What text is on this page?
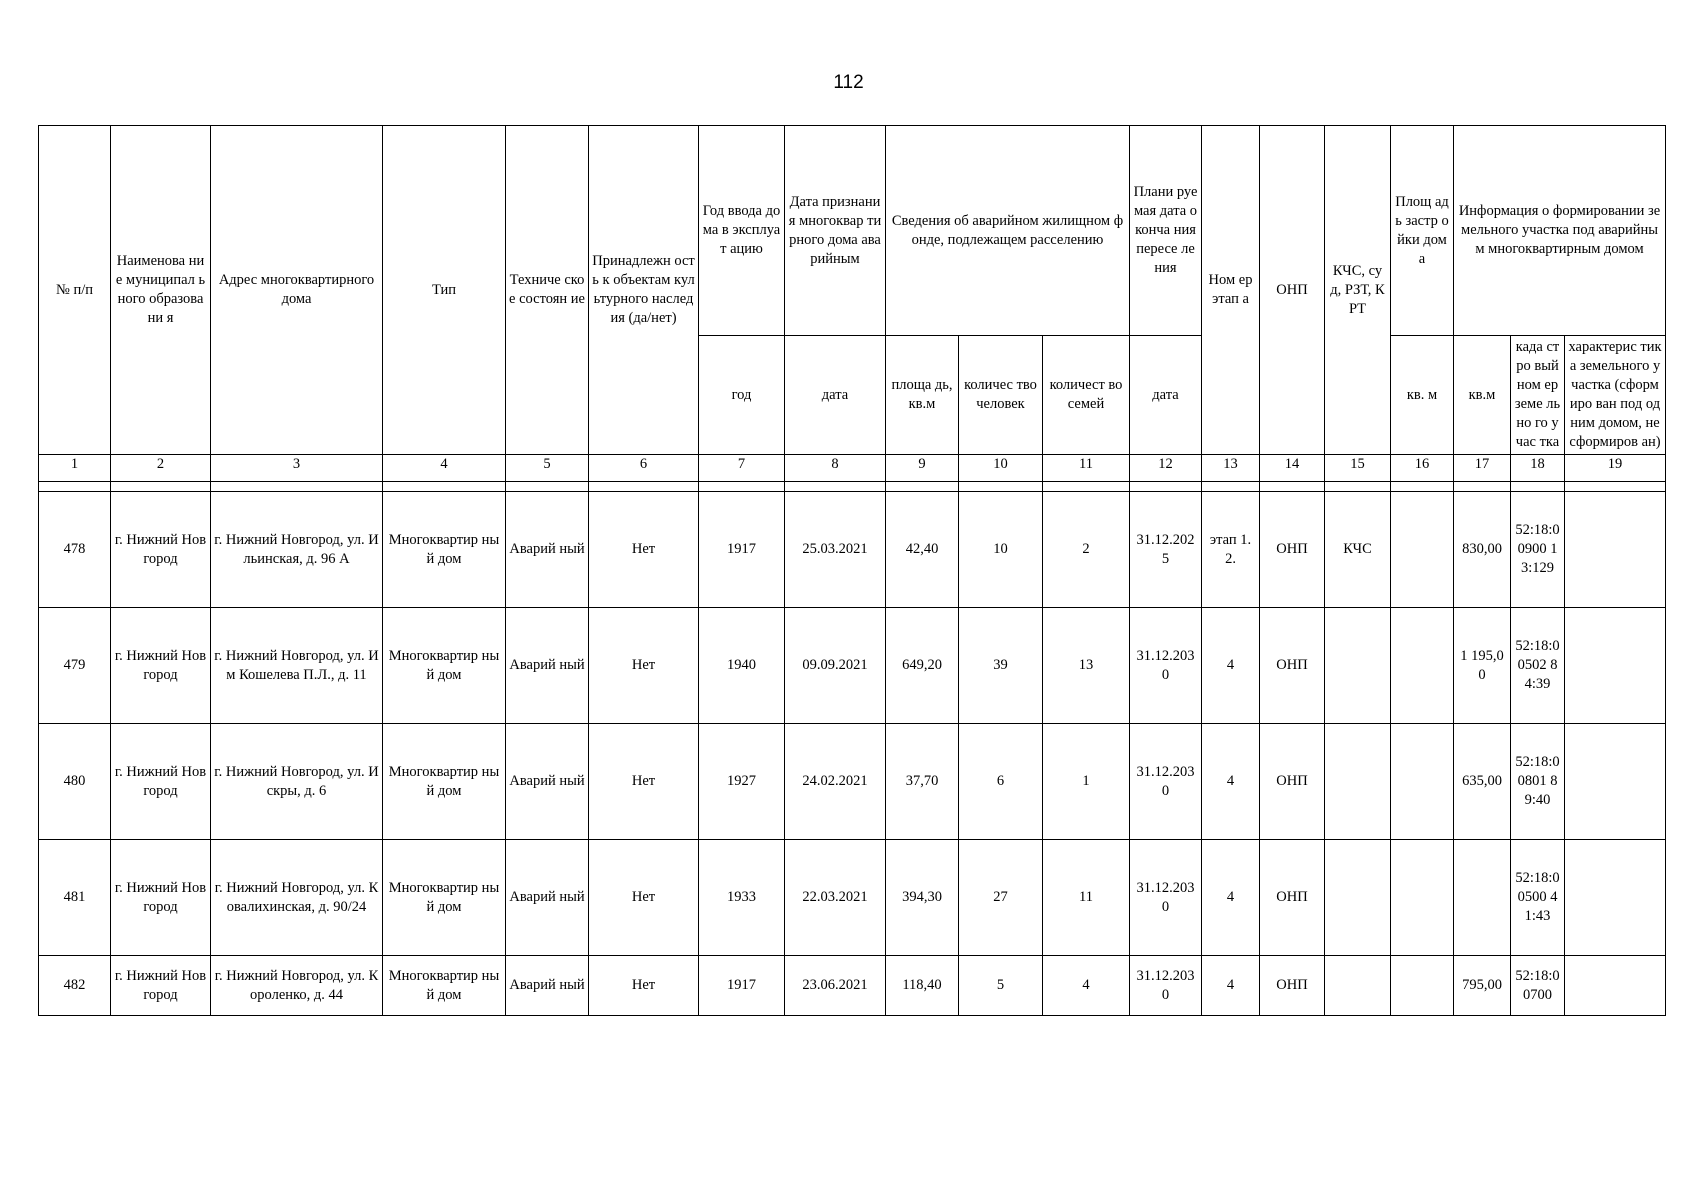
112
№ п/п	Наименова ние муниципал ьного образовани я	Адрес многоквартирного дома	Тип	Техниче ское состоян ие	Принадлежн ость к объектам культурного наследия (да/нет)	Год ввода дома в эксплуат ацию	Дата признания многоквар тирного дома аварийным	Сведения об аварийном жилищном фонде, подлежащем расселению			Плани руемая дата оконча ния пересе ления	Ном ер этап а	ОНП	КЧС, суд, РЗТ, КРТ	Площ адь застр ойки дома	Информация о формировании земельного участка под аварийным многоквартирным домом		
						год	дата	площа дь, кв.м	количес тво человек	количест во семей	дата				кв. м	кв.м	када стро вый ном ер земе льно го учас тка	характерис тика земельного участка (сформиро ван под одним домом, не сформиров ан)
1	2	3	4	5	6	7	8	9	10	11	12	13	14	15	16	17	18	19

478	г. Нижний Новгород	г. Нижний Новгород, ул. Ильинская, д. 96 А	Многоквартир ный дом	Аварий ный	Нет	1917	25.03.2021	42,40	10	2	31.12.2025	этап 1.2.	ОНП	КЧС		830,00	52:18:00900 13:129	
479	г. Нижний Новгород	г. Нижний Новгород, ул. Им Кошелева П.Л., д. 11	Многоквартир ный дом	Аварий ный	Нет	1940	09.09.2021	649,20	39	13	31.12.2030	4	ОНП			1 195,00	52:18:00502 84:39	
480	г. Нижний Новгород	г. Нижний Новгород, ул. Искры, д. 6	Многоквартир ный дом	Аварий ный	Нет	1927	24.02.2021	37,70	6	1	31.12.2030	4	ОНП			635,00	52:18:00801 89:40	
481	г. Нижний Новгород	г. Нижний Новгород, ул. Ковалихинская, д. 90/24	Многоквартир ный дом	Аварий ный	Нет	1933	22.03.2021	394,30	27	11	31.12.2030	4	ОНП				52:18:00500 41:43	
482	г. Нижний Новгород	г. Нижний Новгород, ул. Короленко, д. 44	Многоквартир ный дом	Аварий ный	Нет	1917	23.06.2021	118,40	5	4	31.12.2030	4	ОНП			795,00	52:18:00700	
